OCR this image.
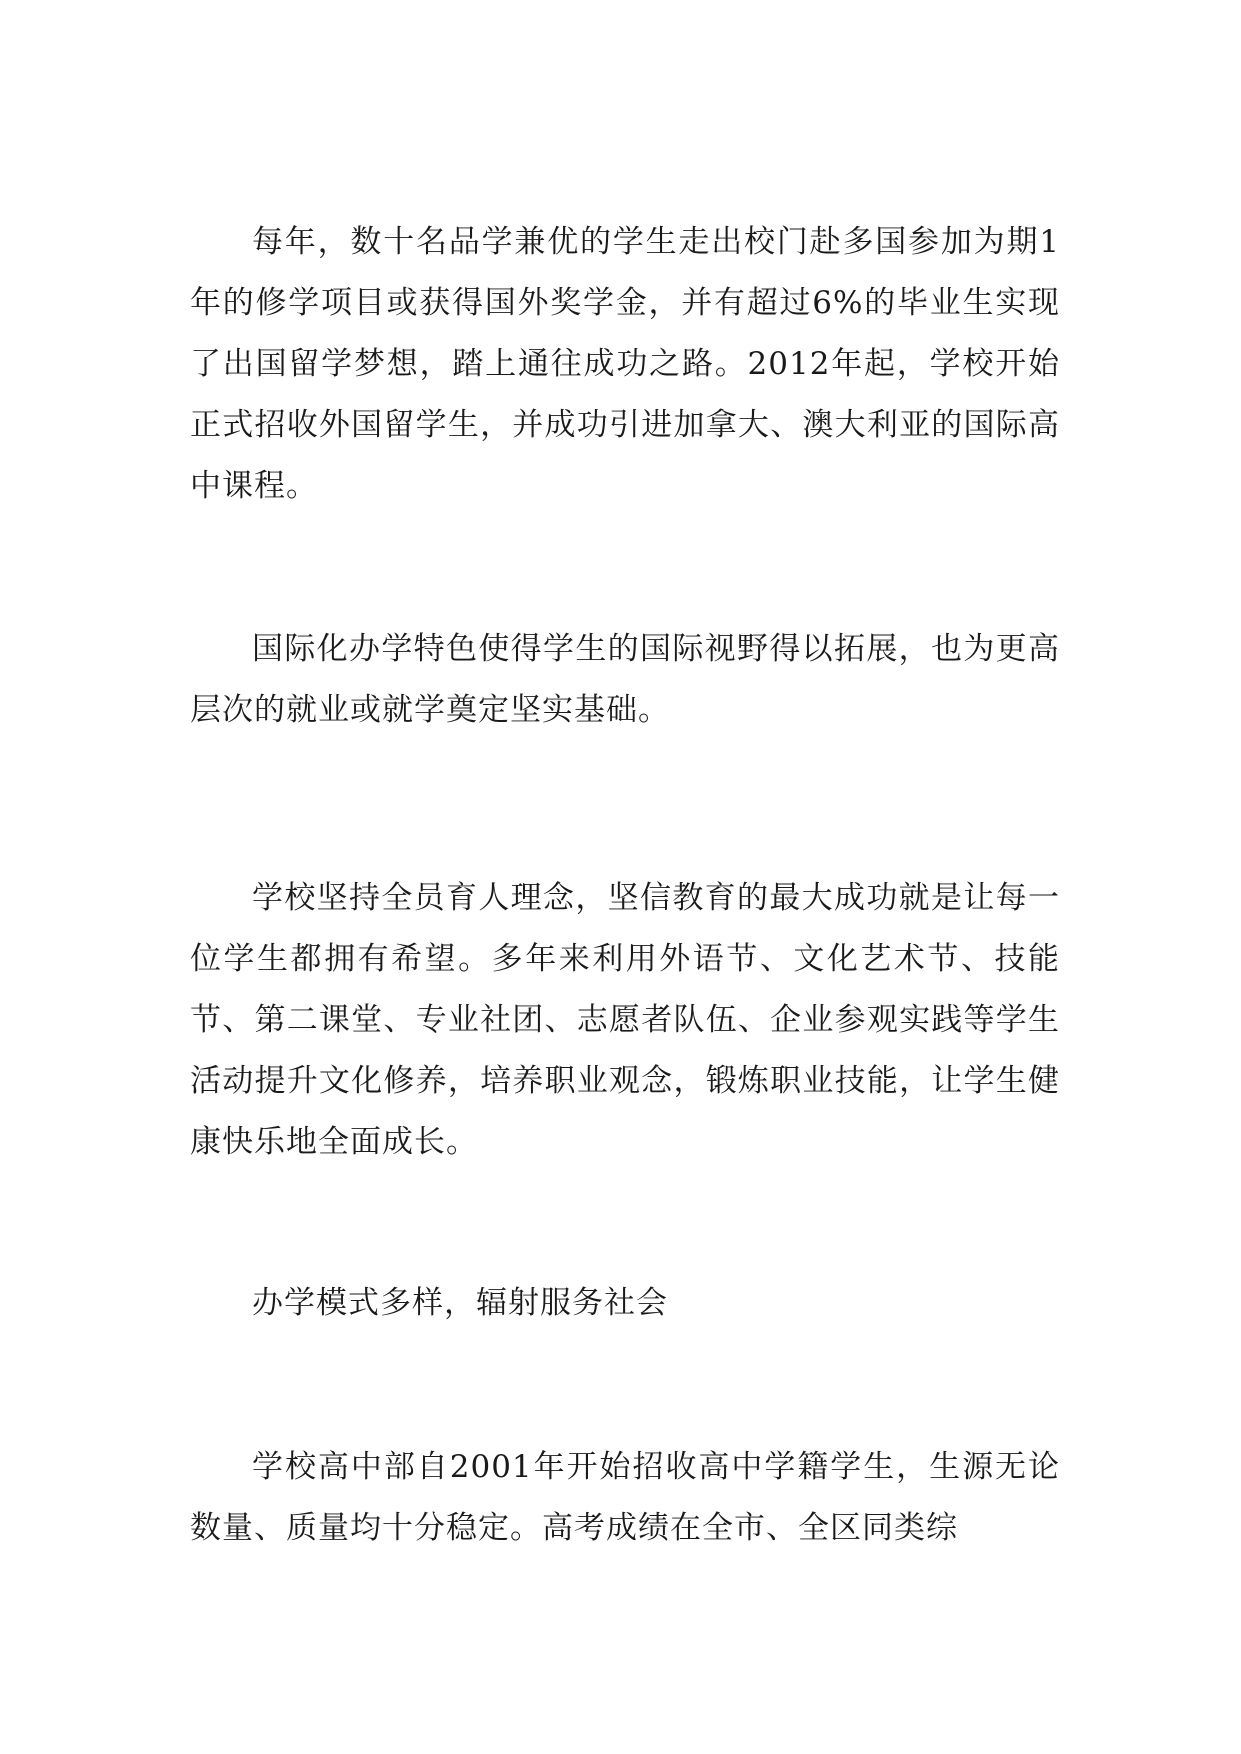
每年，数十名品学兼优的学生走出校门赴多国参加为期1年的修学项目或获得国外奖学金，并有超过6%的毕业生实现了出国留学梦想，踏上通往成功之路。2012年起，学校开始正式招收外国留学生，并成功引进加拿大、澳大利亚的国际高中课程。

国际化办学特色使得学生的国际视野得以拓展，也为更高层次的就业或就学奠定坚实基础。

学校坚持全员育人理念，坚信教育的最大成功就是让每一位学生都拥有希望。多年来利用外语节、文化艺术节、技能节、第二课堂、专业社团、志愿者队伍、企业参观实践等学生活动提升文化修养，培养职业观念，锻炼职业技能，让学生健康快乐地全面成长。

办学模式多样，辐射服务社会

学校高中部自2001年开始招收高中学籍学生，生源无论数量、质量均十分稳定。高考成绩在全市、全区同类综
